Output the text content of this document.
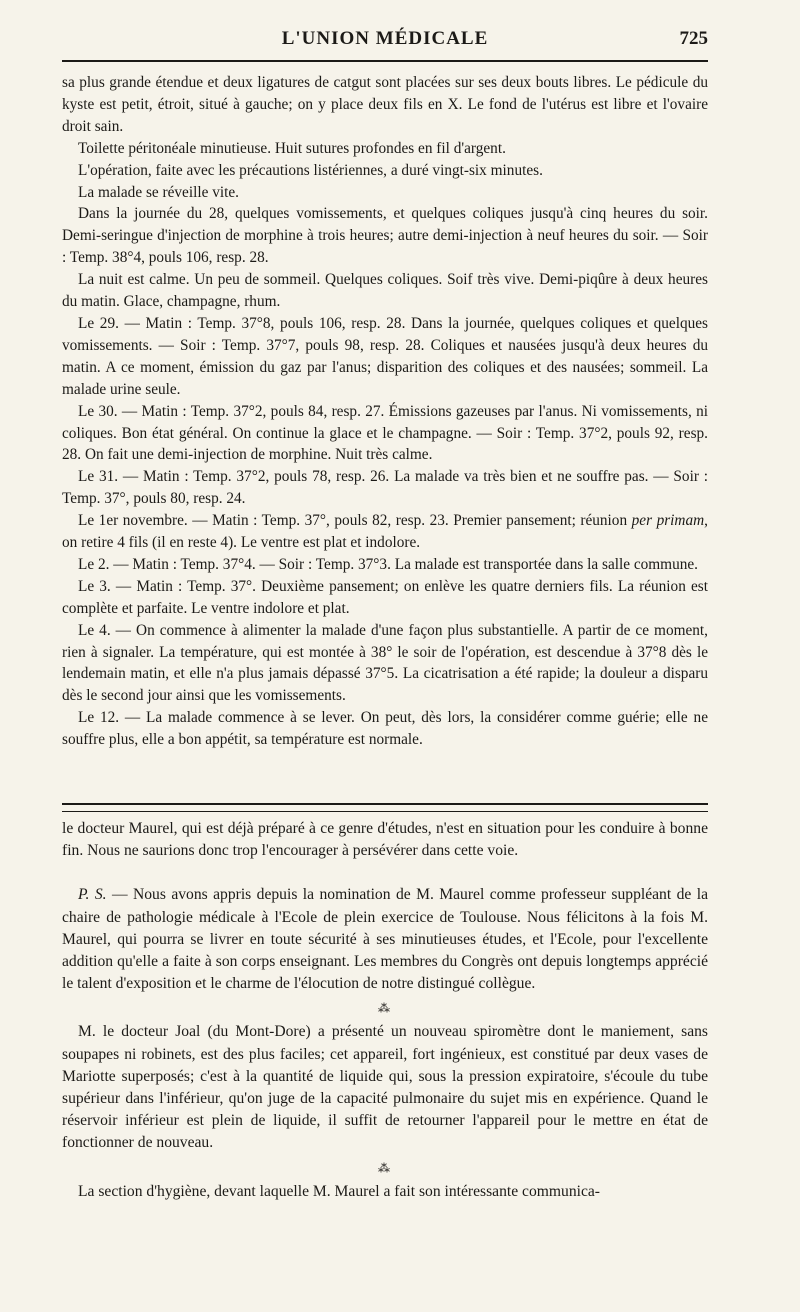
L'UNION MÉDICALE	725

sa plus grande étendue et deux ligatures de catgut sont placées sur ses deux bouts libres. Le pédicule du kyste est petit, étroit, situé à gauche; on y place deux fils en X. Le fond de l'utérus est libre et l'ovaire droit sain.

Toilette péritonéale minutieuse. Huit sutures profondes en fil d'argent.

L'opération, faite avec les précautions listériennes, a duré vingt-six minutes.

La malade se réveille vite.

Dans la journée du 28, quelques vomissements, et quelques coliques jusqu'à cinq heures du soir. Demi-seringue d'injection de morphine à trois heures; autre demi-injection à neuf heures du soir. — Soir : Temp. 38°4, pouls 106, resp. 28.

La nuit est calme. Un peu de sommeil. Quelques coliques. Soif très vive. Demi-piqûre à deux heures du matin. Glace, champagne, rhum.

Le 29. — Matin : Temp. 37°8, pouls 106, resp. 28. Dans la journée, quelques coliques et quelques vomissements. — Soir : Temp. 37°7, pouls 98, resp. 28. Coliques et nausées jusqu'à deux heures du matin. A ce moment, émission du gaz par l'anus; disparition des coliques et des nausées; sommeil. La malade urine seule.

Le 30. — Matin : Temp. 37°2, pouls 84, resp. 27. Émissions gazeuses par l'anus. Ni vomissements, ni coliques. Bon état général. On continue la glace et le champagne. — Soir : Temp. 37°2, pouls 92, resp. 28. On fait une demi-injection de morphine. Nuit très calme.

Le 31. — Matin : Temp. 37°2, pouls 78, resp. 26. La malade va très bien et ne souffre pas. — Soir : Temp. 37°, pouls 80, resp. 24.

Le 1er novembre. — Matin : Temp. 37°, pouls 82, resp. 23. Premier pansement; réunion per primam, on retire 4 fils (il en reste 4). Le ventre est plat et indolore.

Le 2. — Matin : Temp. 37°4. — Soir : Temp. 37°3. La malade est transportée dans la salle commune.

Le 3. — Matin : Temp. 37°. Deuxième pansement; on enlève les quatre derniers fils. La réunion est complète et parfaite. Le ventre indolore et plat.

Le 4. — On commence à alimenter la malade d'une façon plus substantielle. A partir de ce moment, rien à signaler. La température, qui est montée à 38° le soir de l'opération, est descendue à 37°8 dès le lendemain matin, et elle n'a plus jamais dépassé 37°5. La cicatrisation a été rapide; la douleur a disparu dès le second jour ainsi que les vomissements.

Le 12. — La malade commence à se lever. On peut, dès lors, la considérer comme guérie; elle ne souffre plus, elle a bon appétit, sa température est normale.

le docteur Maurel, qui est déjà préparé à ce genre d'études, n'est en situation pour les conduire à bonne fin. Nous ne saurions donc trop l'encourager à persévérer dans cette voie.

P. S. — Nous avons appris depuis la nomination de M. Maurel comme professeur suppléant de la chaire de pathologie médicale à l'Ecole de plein exercice de Toulouse. Nous félicitons à la fois M. Maurel, qui pourra se livrer en toute sécurité à ses minutieuses études, et l'Ecole, pour l'excellente addition qu'elle a faite à son corps enseignant. Les membres du Congrès ont depuis longtemps apprécié le talent d'exposition et le charme de l'élocution de notre distingué collègue.

⁂

M. le docteur Joal (du Mont-Dore) a présenté un nouveau spiromètre dont le maniement, sans soupapes ni robinets, est des plus faciles; cet appareil, fort ingénieux, est constitué par deux vases de Mariotte superposés; c'est à la quantité de liquide qui, sous la pression expiratoire, s'écoule du tube supérieur dans l'inférieur, qu'on juge de la capacité pulmonaire du sujet mis en expérience. Quand le réservoir inférieur est plein de liquide, il suffit de retourner l'appareil pour le mettre en état de fonctionner de nouveau.

⁂

La section d'hygiène, devant laquelle M. Maurel a fait son intéressante communica-
